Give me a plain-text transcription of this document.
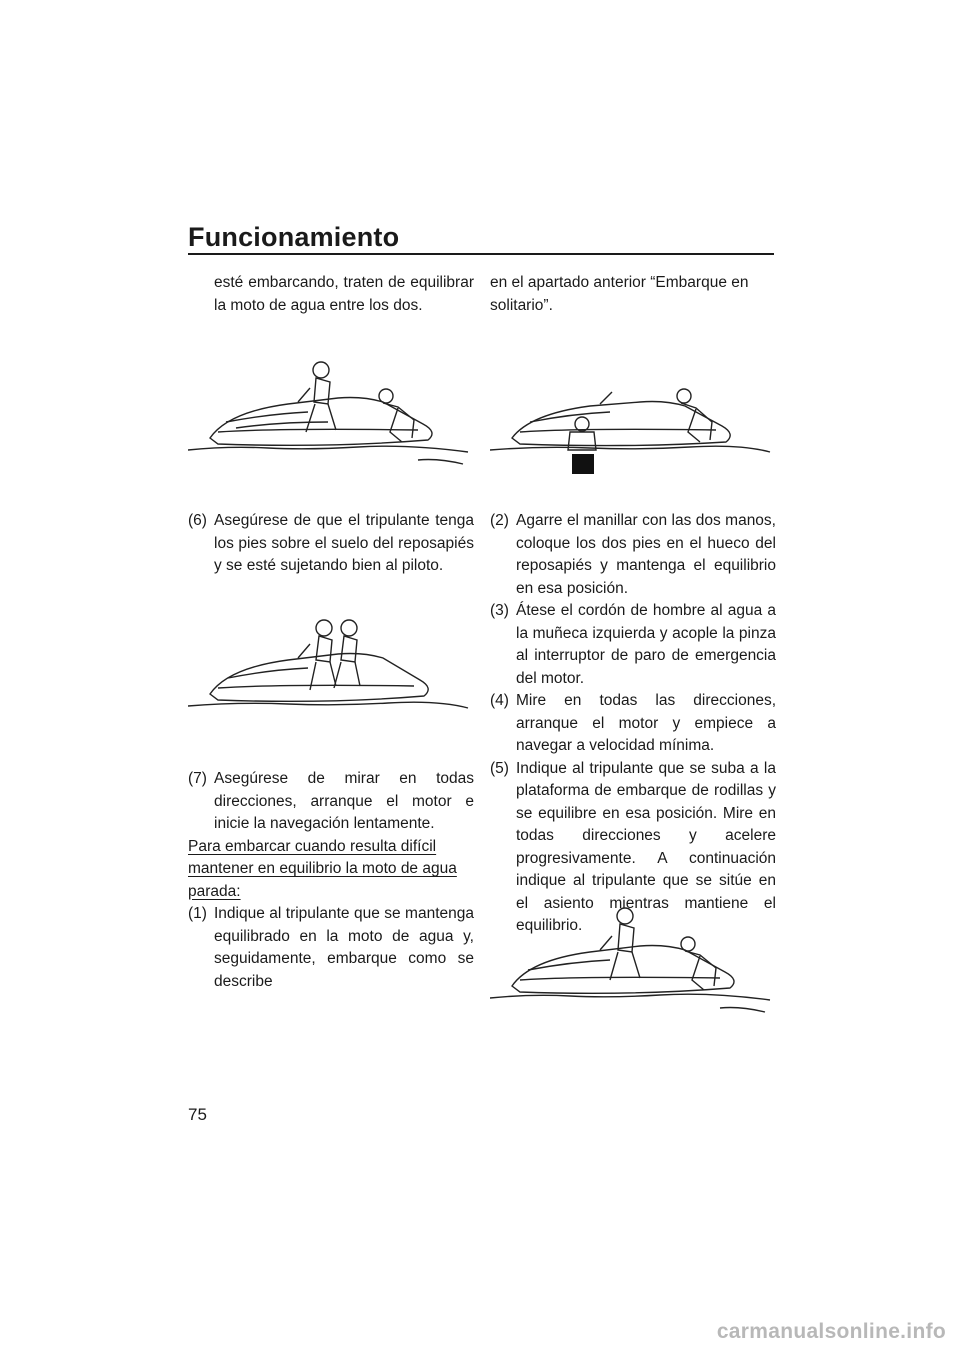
Funcionamiento

esté embarcando, traten de equilibrar la moto de agua entre los dos.

(6) Asegúrese de que el tripulante tenga los pies sobre el suelo del reposapiés y se esté sujetando bien al piloto.
(7) Asegúrese de mirar en todas direcciones, arranque el motor e inicie la navegación lentamente.

Para embarcar cuando resulta difícil mantener en equilibrio la moto de agua parada:

(1) Indique al tripulante que se mantenga equilibrado en la moto de agua y, seguidamente, embarque como se describe
75

en el apartado anterior “Embarque en solitario”.

(2) Agarre el manillar con las dos manos, coloque los dos pies en el hueco del reposapiés y mantenga el equilibrio en esa posición.
(3) Átese el cordón de hombre al agua a la muñeca izquierda y acople la pinza al interruptor de paro de emergencia del motor.
(4) Mire en todas las direcciones, arranque el motor y empiece a navegar a velocidad mínima.
(5) Indique al tripulante que se suba a la plataforma de embarque de rodillas y se equilibre en esa posición. Mire en todas direcciones y acelere progresivamente. A continuación indique al tripulante que se sitúe en el asiento mientras mantiene el equilibrio.
carmanualsonline.info
